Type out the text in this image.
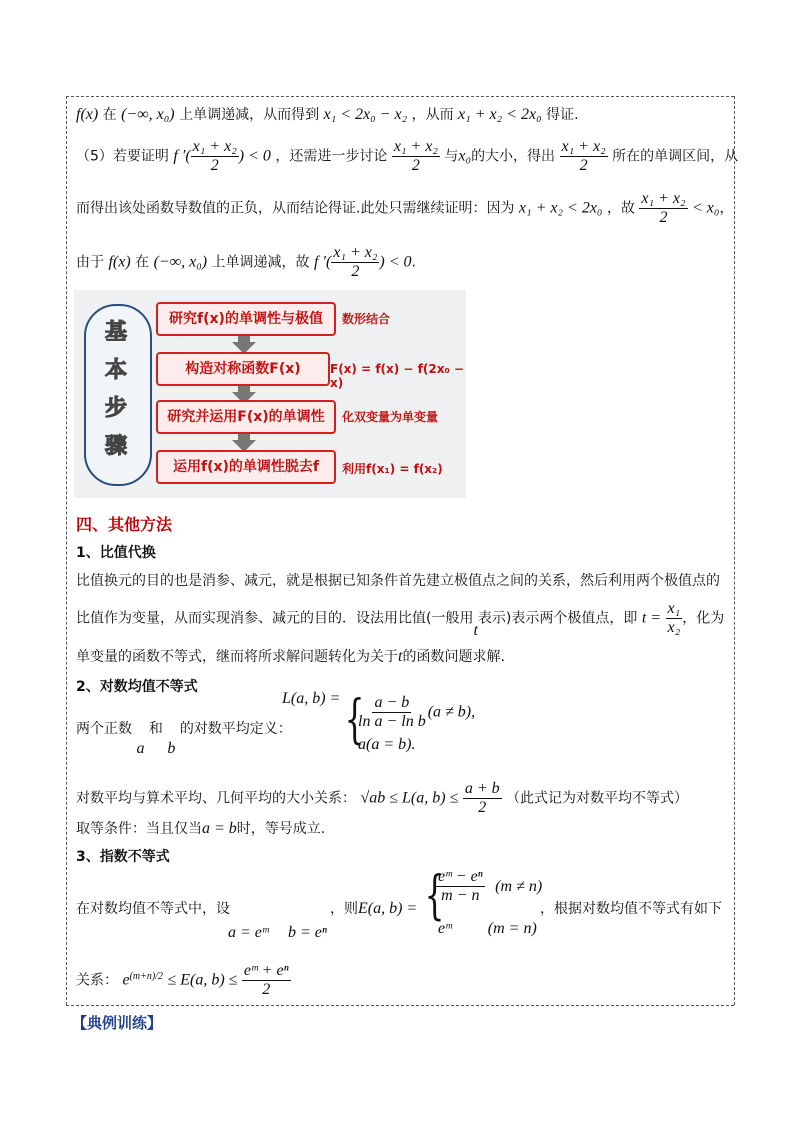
f(x) 在 (−∞, x₀) 上单调递减，从而得到 x₁ < 2x₀ − x₂ ，从而 x₁ + x₂ < 2x₀ 得证.
（5）若要证明 f ′( $\frac{\text{x₁ + x₂}}{2}$ ) < 0 ，还需进一步讨论 $\frac{\text{x₁ + x₂}}{2}$ 与x₀的大小，得出 $\frac{\text{x₁ + x₂}}{2}$ 所在的单调区间，从
而得出该处函数导数值的正负，从而结论得证.此处只需继续证明：因为 x₁ + x₂ < 2x₀ ，故 $\frac{\text{x₁ + x₂}}{2} < x_0$，
由于 f(x) 在 (−∞, x₀) 上单调递减，故 f ′( $\frac{\text{x₁ + x₂}}{2}$ ) < 0.
基
本
步
骤
研究f(x)的单调性与极值	数形结合
构造对称函数F(x)	F(x) = f(x) − f(2x₀ − x)
研究并运用F(x)的单调性	化双变量为单变量
运用f(x)的单调性脱去f	利用f(x₁) = f(x₂)
四、其他方法
1、比值代换
比值换元的目的也是消参、减元，就是根据已知条件首先建立极值点之间的关系，然后利用两个极值点的
比值作为变量，从而实现消参、减元的目的．设法用比值(一般用t表示)表示两个极值点，即 $t = \frac{\text{x₁}}{\text{x₂}}$ ，化为
单变量的函数不等式，继而将所求解问题转化为关于t的函数问题求解.
2、对数均值不等式
两个正数 a 和 b 的对数平均定义：
L(a, b) = {
$\frac{a - b}{\text{ln a − ln b}} (a \ne b)$,
a(a = b).
对数平均与算术平均、几何平均的大小关系： √ab ≤ L(a, $b) \le \frac{a + b}{2}$ （此式记为对数平均不等式）
取等条件：当且仅当a = b时，等号成立.
3、指数不等式
在对数均值不等式中，设
a = eᵐ b = eⁿ
，则E(a, b) = {
$\frac{\text{eᵐ − eⁿ}}{m - n} (m \ne n)$
eᵐ (m = n)
，根据对数均值不等式有如下
关系： $e^{(m+n)/2} \le E(a$, $b) \le \frac{\text{eᵐ + eⁿ}}{2}$
【典例训练】
